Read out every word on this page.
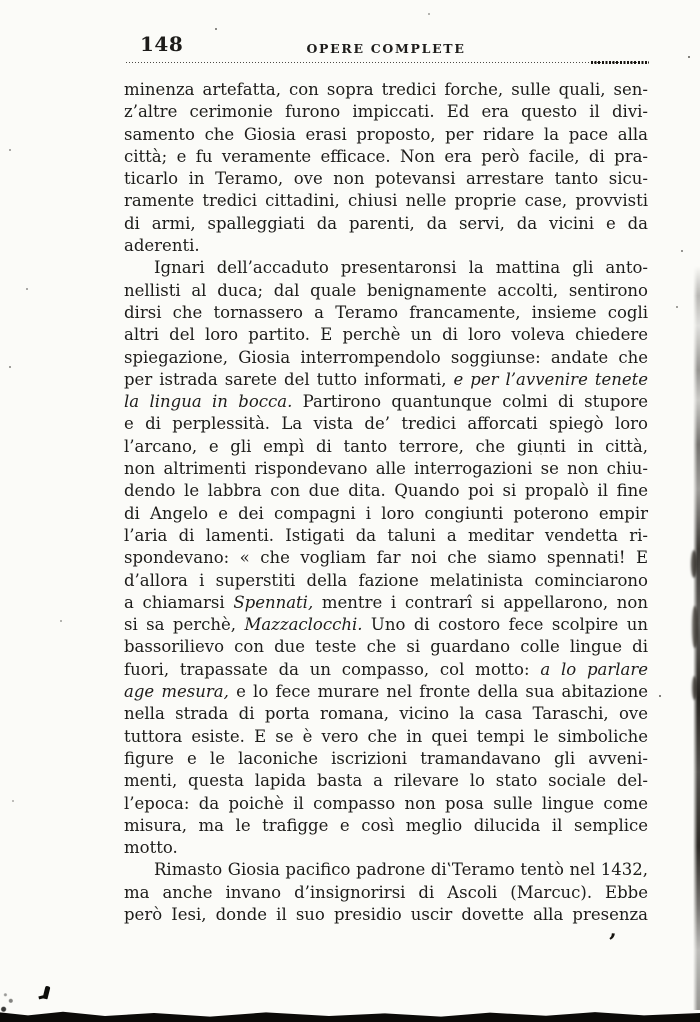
148	OPERE COMPLETE
minenza artefatta, con sopra tredici forche, sulle quali, sen-
z’altre cerimonie furono impiccati. Ed era questo il divi-
samento che Giosia erasi proposto, per ridare la pace alla
città; e fu veramente efficace. Non era però facile, di pra-
ticarlo in Teramo, ove non potevansi arrestare tanto sicu-
ramente tredici cittadini, chiusi nelle proprie case, provvisti
di armi, spalleggiati da parenti, da servi, da vicini e da
aderenti.
Ignari dell’accaduto presentaronsi la mattina gli anto-
nellisti al duca; dal quale benignamente accolti, sentirono
dirsi che tornassero a Teramo francamente, insieme cogli
altri del loro partito. E perchè un di loro voleva chiedere
spiegazione, Giosia interrompendolo soggiunse: andate che
per istrada sarete del tutto informati, e per l’avvenire tenete
la lingua in bocca. Partirono quantunque colmi di stupore
e di perplessità. La vista de’ tredici afforcati spiegò loro
l’arcano, e gli empì di tanto terrore, che giunti in città,
non altrimenti rispondevano alle interrogazioni se non chiu-
dendo le labbra con due dita. Quando poi si propalò il fine
di Angelo e dei compagni i loro congiunti poterono empir
l’aria di lamenti. Istigati da taluni a meditar vendetta ri-
spondevano: « che vogliam far noi che siamo spennati! E
d’allora i superstiti della fazione melatinista cominciarono
a chiamarsi Spennati, mentre i contrarî si appellarono, non
si sa perchè, Mazzaclocchi. Uno di costoro fece scolpire un
bassorilievo con due teste che si guardano colle lingue di
fuori, trapassate da un compasso, col motto: a lo parlare
age mesura, e lo fece murare nel fronte della sua abitazione
nella strada di porta romana, vicino la casa Taraschi, ove
tuttora esiste. E se è vero che in quei tempi le simboliche
figure e le laconiche iscrizioni tramandavano gli avveni-
menti, questa lapida basta a rilevare lo stato sociale del-
l’epoca: da poichè il compasso non posa sulle lingue come
misura, ma le trafigge e così meglio dilucida il semplice
motto.
Rimasto Giosia pacifico padrone di‛Teramo tentò nel 1432,
ma anche invano d’insignorirsi di Ascoli (Marcuc). Ebbe
però Iesi, donde il suo presidio uscir dovette alla presenza
’
